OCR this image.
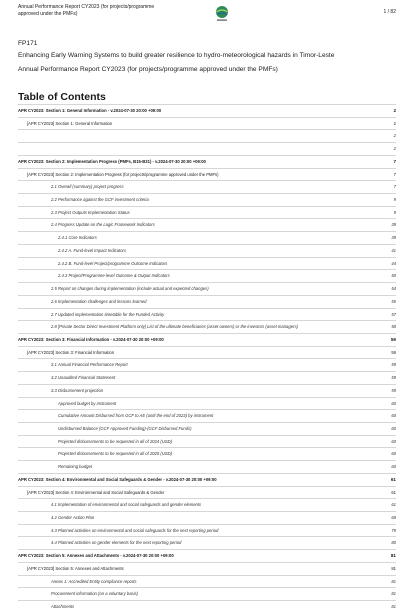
Annual Performance Report CY2023 (for projects/programme approved under the PMFs)	1 / 82
FP171
Enhancing Early Warning Systems to build greater resilience to hydro-meteorological hazards in Timor-Leste
Annual Performance Report CY2023 (for projects/programme approved under the PMFs)
Table of Contents
APR CY2023: Section 1: General Information - v.2024-07-30 20:00 +09:00	2
[APR CY2023] Section 1: General Information	2
2
2
APR CY2023: Section 2: Implementation Progress (PMFs, B15-B31) - v.2024-07-30 20:00 +09:00	7
[APR CY2023] Section 2: Implementation Progress (for projects/programme approved under the PMFs)	7
2.1 Overall (summary) project progress	7
2.2 Performance against the GCF investment criteria	9
2.3 Project Outputs Implementation Status	9
2.4 Progress Update on the Logic Framework Indicators	39
2.4.1 Core Indicators	39
2.4.2 A. Fund-level Impact Indicators	41
2.4.2 B. Fund-level Project/programme Outcome Indicators	44
2.4.3 Project/Programme-level Outcome & Output Indicators	50
2.5 Report on changes during implementation (include actual and expected changes)	54
2.6 Implementation challenges and lessons learned	55
2.7 Updated implementation timetable for the Funded Activity	57
2.8 [Private Sector Direct Investment Platform only] List of the ultimate beneficiaries (asset owners) or the investors (asset managers)	58
APR CY2023: Section 3: Financial Information - v.2024-07-30 20:00 +09:00	59
[APR CY2023] Section 3: Financial Information	59
3.1 Annual Financial Performance Report	59
3.2 Unaudited Financial Statement	59
3.3 Disbursement projection	59
Approved budget by instrument	60
Cumulative Amount Disbursed from GCF to AE (until the end of 2023) by instrument	60
Undisbursed Balance (GCF Approved Funding)-(GCF Disbursed Funds)	60
Projected disbursements to be requested in all of 2024 (USD)	60
Projected disbursements to be requested in all of 2025 (USD)	60
Remaining budget	60
APR CY2023: Section 4: Environmental and Social Safeguards & Gender - v.2024-07-30 20:00 +09:00	61
[APR CY2023] Section 4: Environmental and Social Safeguards & Gender	61
4.1 Implementation of environmental and social safeguards and gender elements	61
4.2 Gender Action Plan	68
4.3 Planned activities on environmental and social safeguards for the next reporting period	79
4.4 Planned activities on gender elements for the next reporting period	80
APR CY2023: Section 5: Annexes and Attachments - v.2024-07-30 20:00 +09:00	81
[APR CY2023] Section 5: Annexes and Attachments	81
Annex 1: Accredited Entity compliance reports	81
Procurement information (on a voluntary basis)	81
Attachments	81
